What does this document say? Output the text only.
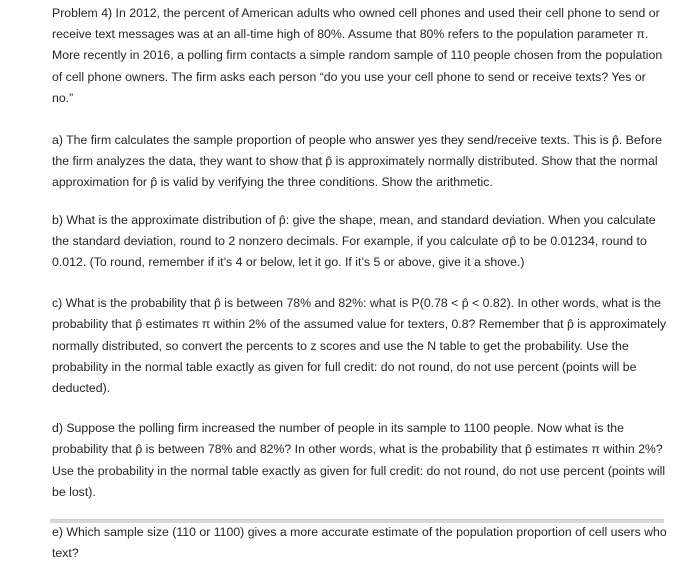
Problem 4) In 2012, the percent of American adults who owned cell phones and used their cell phone to send or receive text messages was at an all-time high of 80%. Assume that 80% refers to the population parameter π. More recently in 2016, a polling firm contacts a simple random sample of 110 people chosen from the population of cell phone owners. The firm asks each person “do you use your cell phone to send or receive texts? Yes or no.”

a) The firm calculates the sample proportion of people who answer yes they send/receive texts. This is p̂. Before the firm analyzes the data, they want to show that p̂ is approximately normally distributed. Show that the normal approximation for p̂ is valid by verifying the three conditions. Show the arithmetic.

b) What is the approximate distribution of p̂: give the shape, mean, and standard deviation. When you calculate the standard deviation, round to 2 nonzero decimals. For example, if you calculate σp̂ to be 0.01234, round to 0.012. (To round, remember if it’s 4 or below, let it go. If it’s 5 or above, give it a shove.)

c) What is the probability that p̂ is between 78% and 82%: what is P(0.78 < p̂ < 0.82). In other words, what is the probability that p̂ estimates π within 2% of the assumed value for texters, 0.8? Remember that p̂ is approximately normally distributed, so convert the percents to z scores and use the N table to get the probability. Use the probability in the normal table exactly as given for full credit: do not round, do not use percent (points will be deducted).

d) Suppose the polling firm increased the number of people in its sample to 1100 people. Now what is the probability that p̂ is between 78% and 82%? In other words, what is the probability that p̂ estimates π within 2%? Use the probability in the normal table exactly as given for full credit: do not round, do not use percent (points will be lost).

e) Which sample size (110 or 1100) gives a more accurate estimate of the population proportion of cell users who text?
